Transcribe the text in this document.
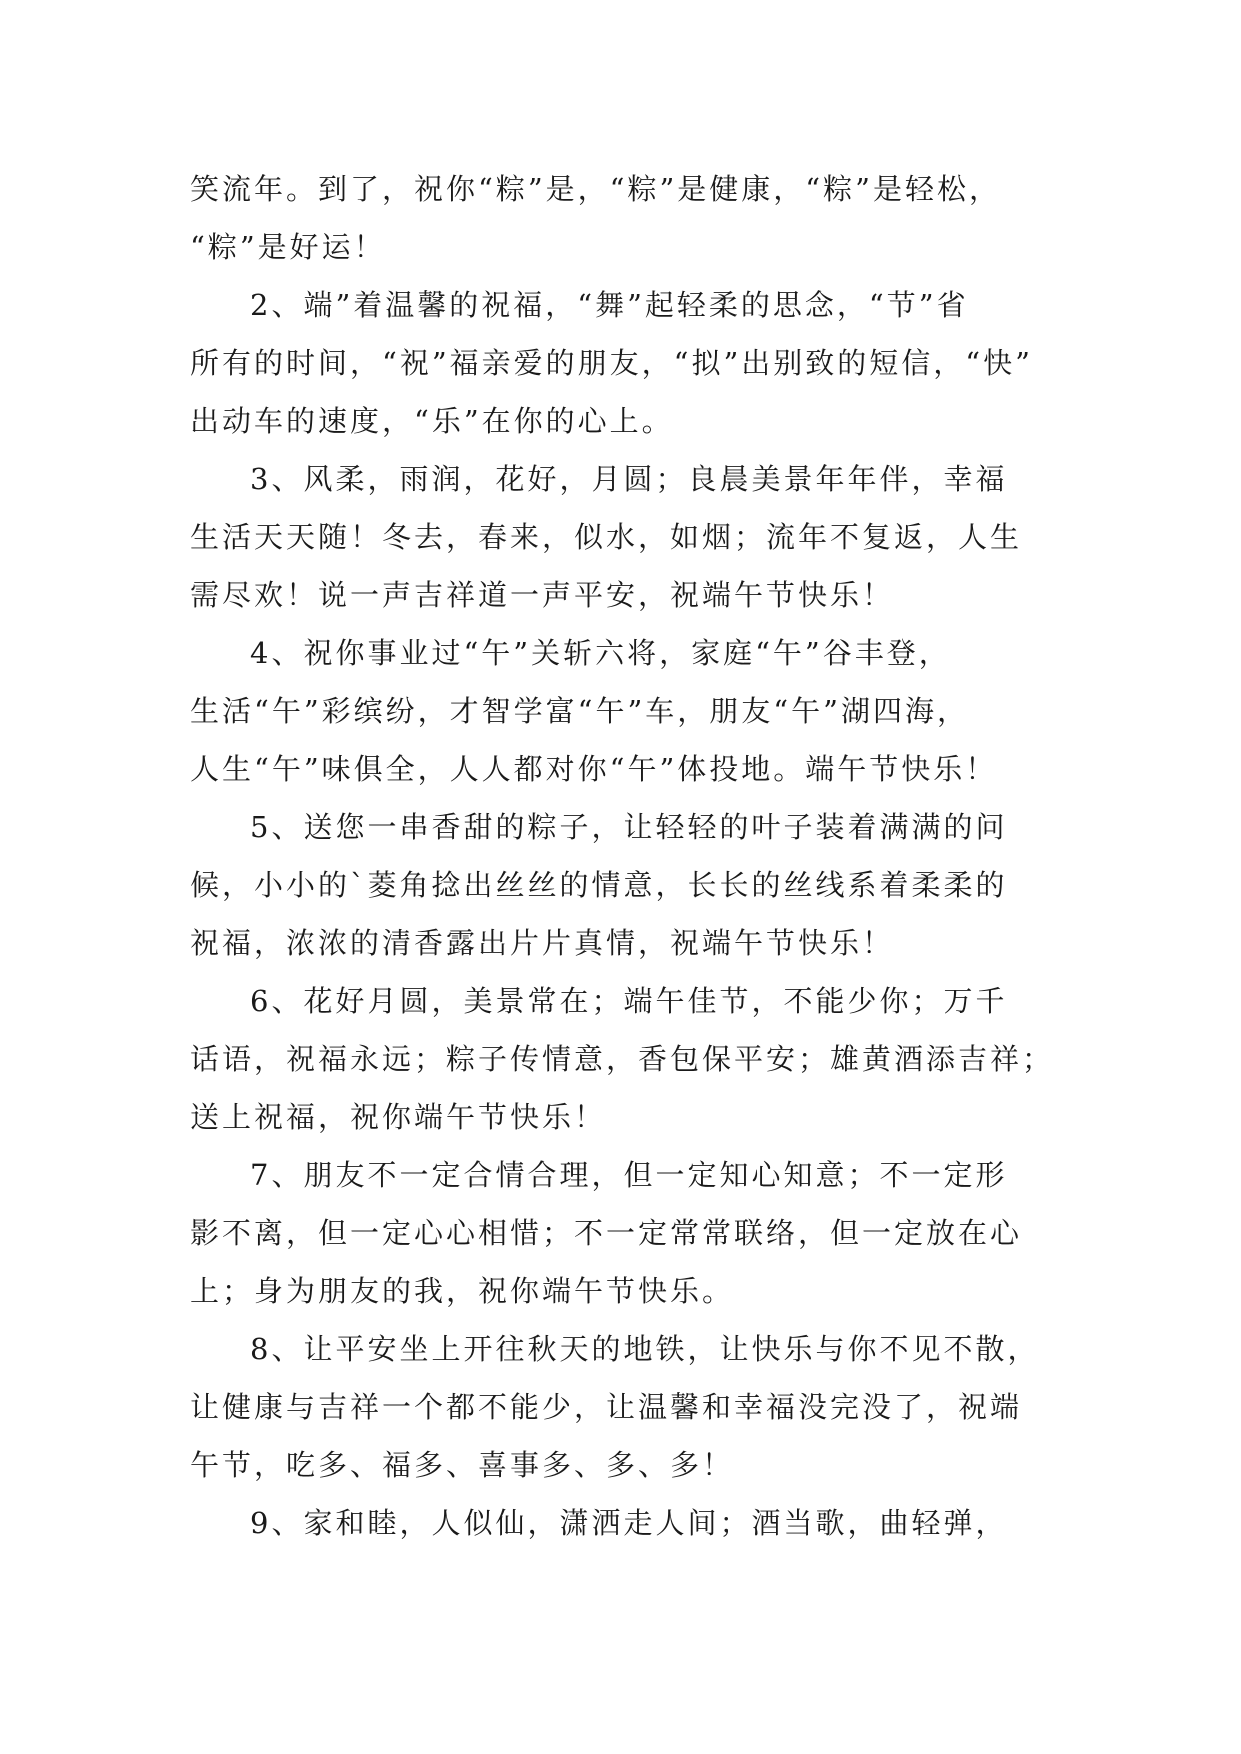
笑流年。到了，祝你“粽”是，“粽”是健康，“粽”是轻松，
“粽”是好运！
2、端”着温馨的祝福，“舞”起轻柔的思念，“节”省
所有的时间，“祝”福亲爱的朋友，“拟”出别致的短信，“快”
出动车的速度，“乐”在你的心上。
3、风柔，雨润，花好，月圆；良晨美景年年伴，幸福
生活天天随！冬去，春来，似水，如烟；流年不复返，人生
需尽欢！说一声吉祥道一声平安，祝端午节快乐！
4、祝你事业过“午”关斩六将，家庭“午”谷丰登，
生活“午”彩缤纷，才智学富“午”车，朋友“午”湖四海，
人生“午”味俱全，人人都对你“午”体投地。端午节快乐！
5、送您一串香甜的粽子，让轻轻的叶子装着满满的问
候，小小的`菱角捻出丝丝的情意，长长的丝线系着柔柔的
祝福，浓浓的清香露出片片真情，祝端午节快乐！
6、花好月圆，美景常在；端午佳节，不能少你；万千
话语，祝福永远；粽子传情意，香包保平安；雄黄酒添吉祥；
送上祝福，祝你端午节快乐！
7、朋友不一定合情合理，但一定知心知意；不一定形
影不离，但一定心心相惜；不一定常常联络，但一定放在心
上；身为朋友的我，祝你端午节快乐。
8、让平安坐上开往秋天的地铁，让快乐与你不见不散，
让健康与吉祥一个都不能少，让温馨和幸福没完没了，祝端
午节，吃多、福多、喜事多、多、多！
9、家和睦，人似仙，潇洒走人间；酒当歌，曲轻弹，
